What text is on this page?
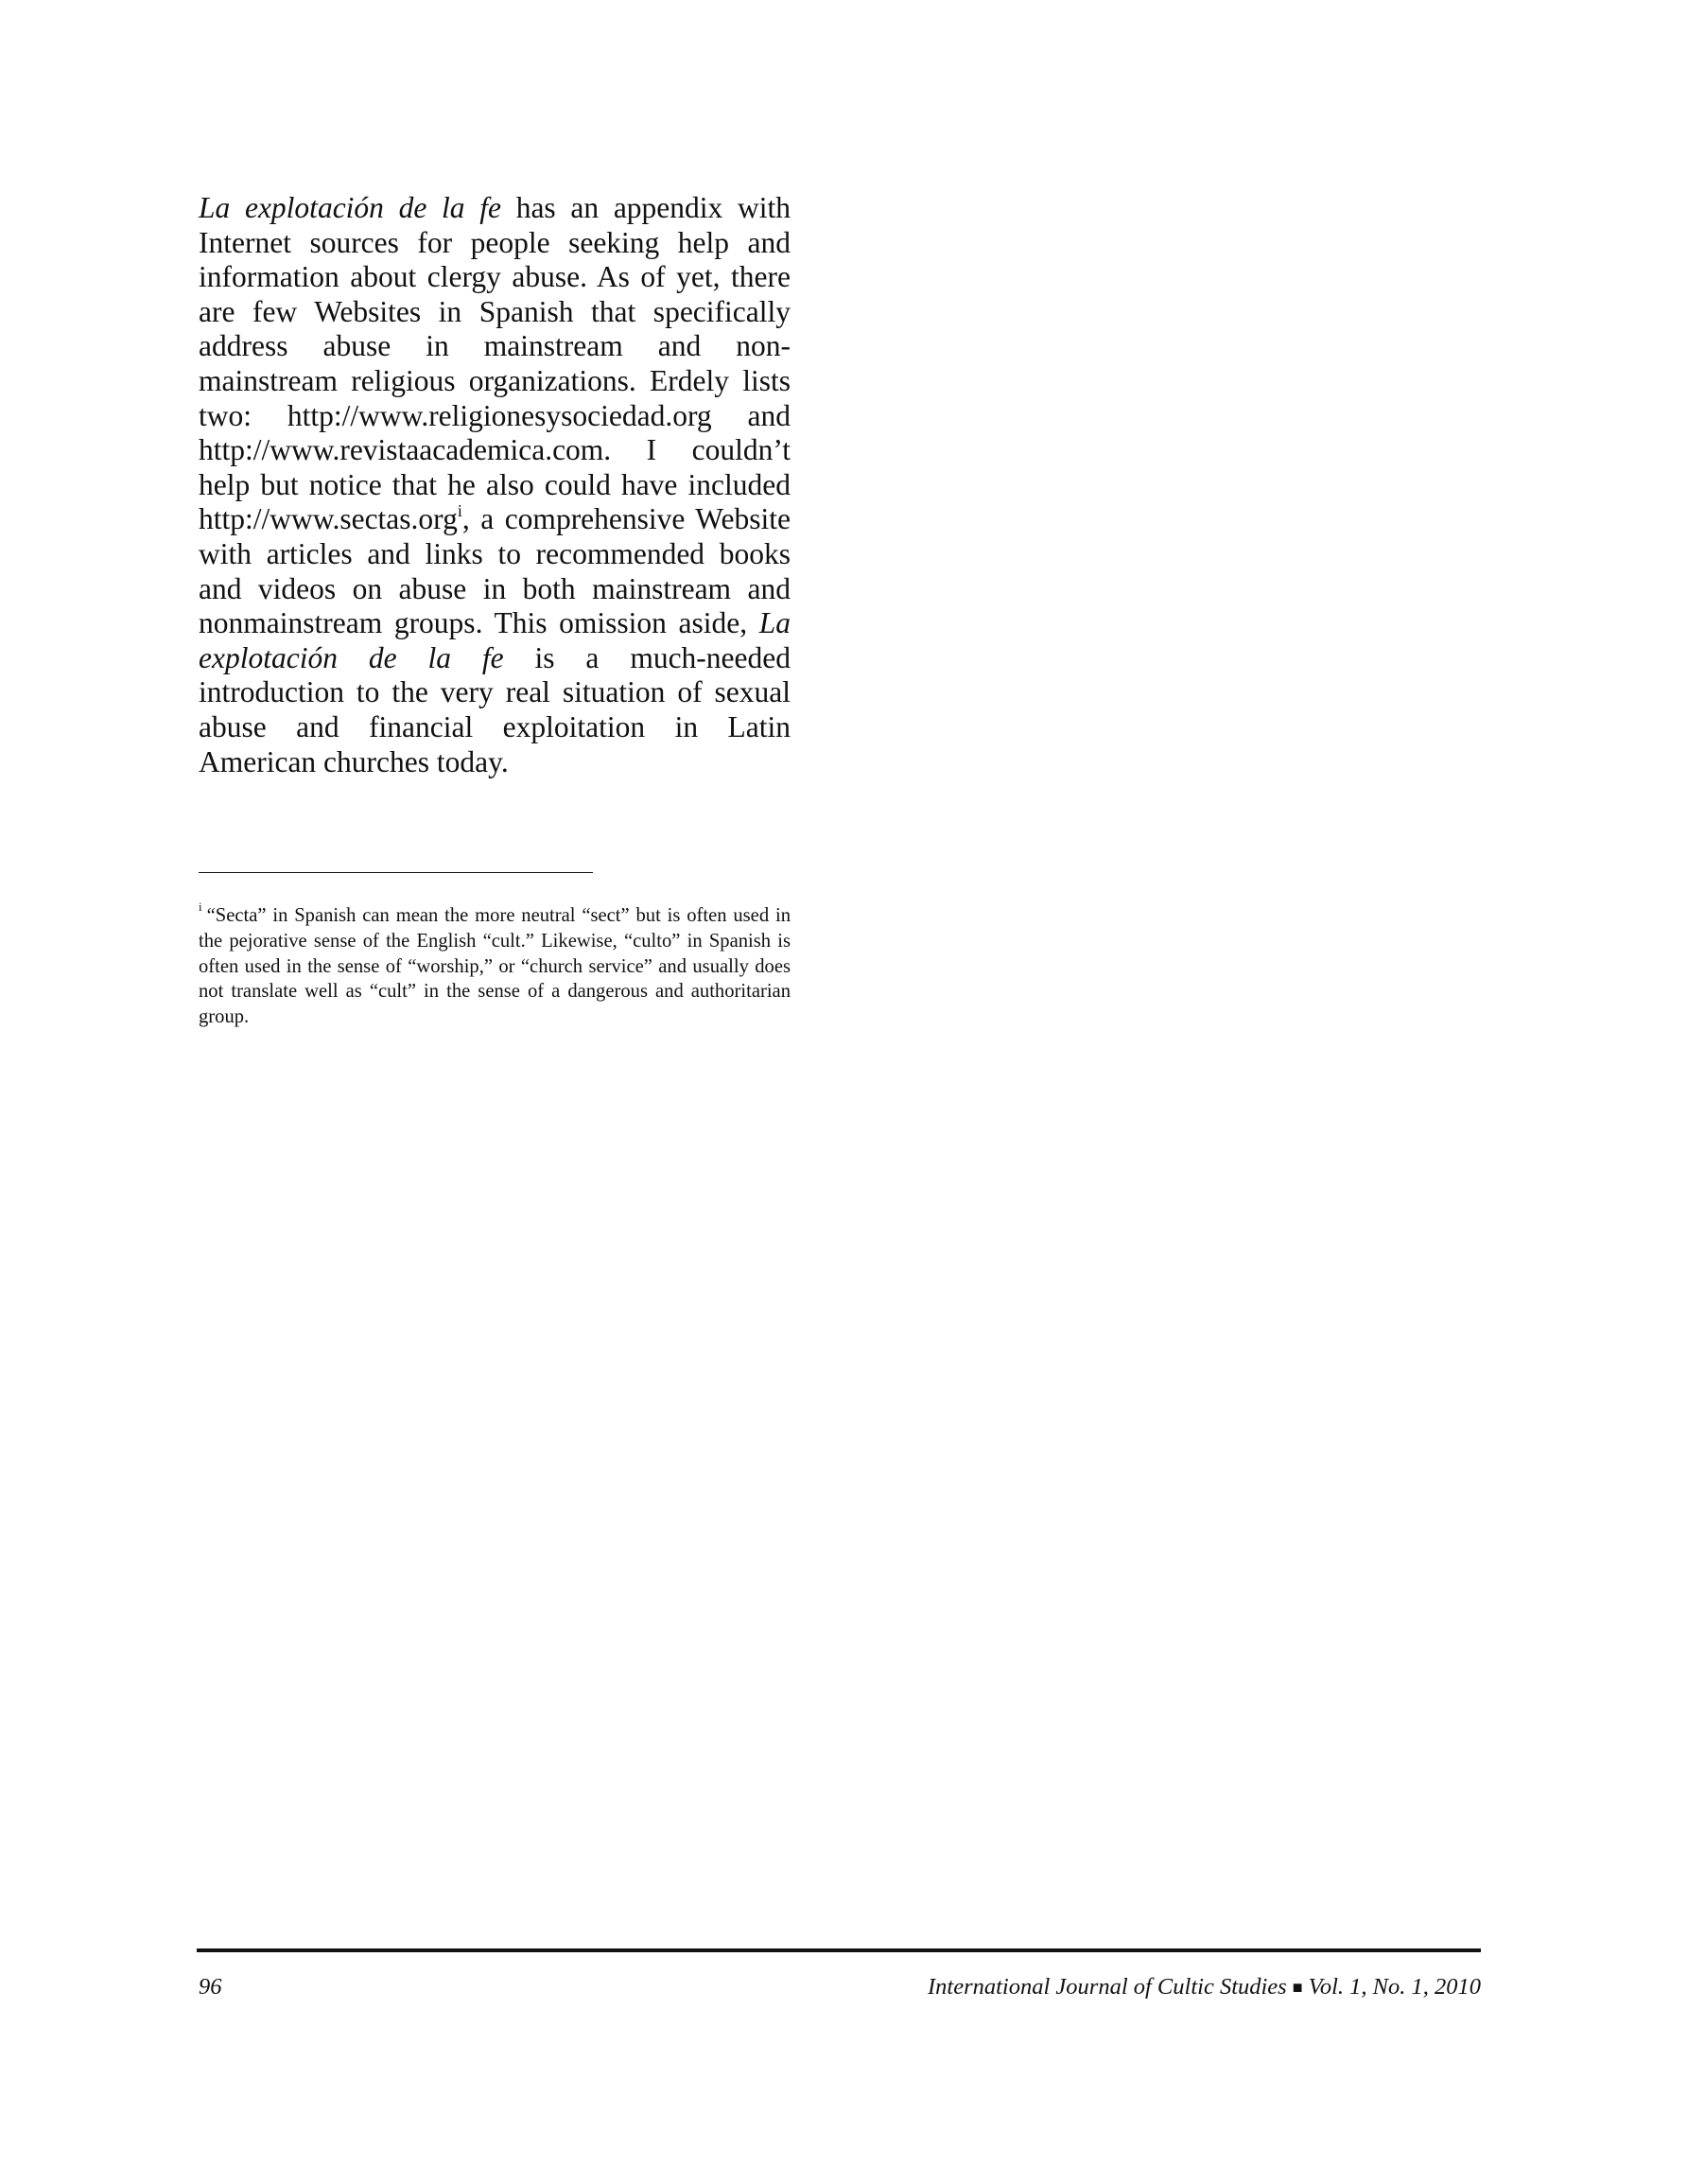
La explotación de la fe has an appendix with Internet sources for people seeking help and information about clergy abuse. As of yet, there are few Websites in Spanish that specifically address abuse in mainstream and non-mainstream religious organizations. Erdely lists two: http://www.religionesysociedad.org and http://www.revistaacademica.com. I couldn’t help but notice that he also could have included http://www.sectas.org$^i$, a comprehensive Website with articles and links to recommended books and videos on abuse in both mainstream and nonmainstream groups. This omission aside, La explotación de la fe is a much-needed introduction to the very real situation of sexual abuse and financial exploitation in Latin American churches today.

$^i$ “Secta” in Spanish can mean the more neutral “sect” but is often used in the pejorative sense of the English “cult.” Likewise, “culto” in Spanish is often used in the sense of “worship,” or “church service” and usually does not translate well as “cult” in the sense of a dangerous and authoritarian group.

96	International Journal of Cultic Studies ■ Vol. 1, No. 1, 2010
